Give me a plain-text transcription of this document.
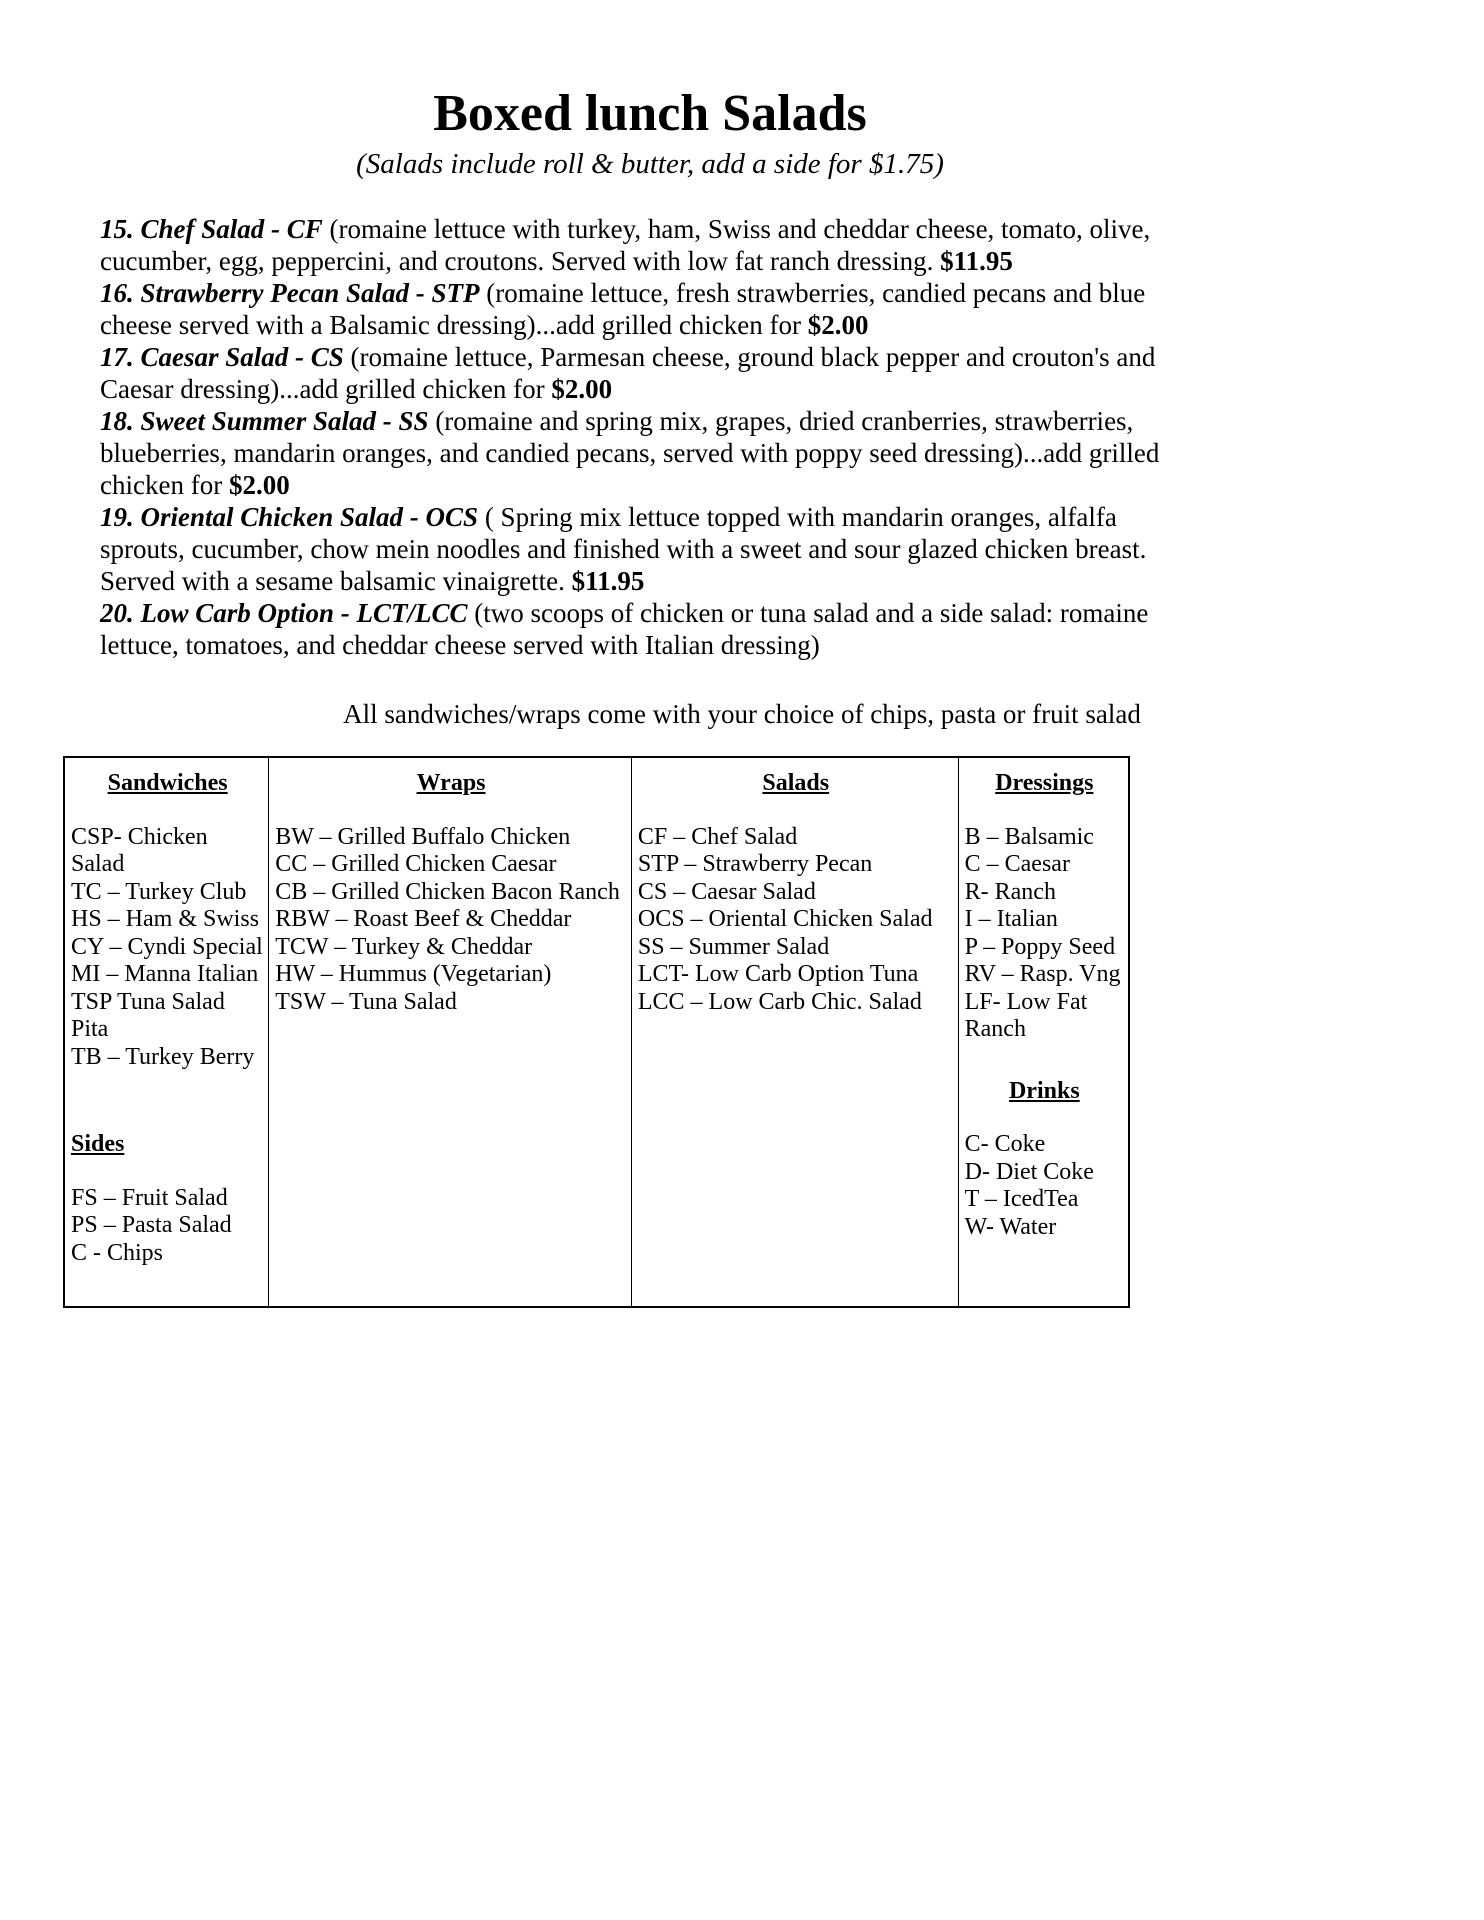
Boxed lunch Salads
(Salads include roll & butter, add a side for $1.75)

15. Chef Salad - CF (romaine lettuce with turkey, ham, Swiss and cheddar cheese, tomato, olive, cucumber, egg, peppercini, and croutons. Served with low fat ranch dressing. $11.95

16. Strawberry Pecan Salad - STP (romaine lettuce, fresh strawberries, candied pecans and blue cheese served with a Balsamic dressing)...add grilled chicken for $2.00

17. Caesar Salad - CS (romaine lettuce, Parmesan cheese, ground black pepper and crouton's and Caesar dressing)...add grilled chicken for $2.00

18. Sweet Summer Salad - SS (romaine and spring mix, grapes, dried cranberries, strawberries, blueberries, mandarin oranges, and candied pecans, served with poppy seed dressing)...add grilled chicken for $2.00

19. Oriental Chicken Salad - OCS ( Spring mix lettuce topped with mandarin oranges, alfalfa sprouts, cucumber, chow mein noodles and finished with a sweet and sour glazed chicken breast. Served with a sesame balsamic vinaigrette. $11.95

20. Low Carb Option - LCT/LCC (two scoops of chicken or tuna salad and a side salad: romaine lettuce, tomatoes, and cheddar cheese served with Italian dressing)

All sandwiches/wraps come with your choice of chips, pasta or fruit salad
Sandwiches
CSP- Chicken Salad
TC – Turkey Club
HS – Ham & Swiss
CY – Cyndi Special
MI – Manna Italian
TSP Tuna Salad Pita
TB – Turkey Berry
Sides
FS – Fruit Salad
PS – Pasta Salad
C - Chips
Wraps
BW – Grilled Buffalo Chicken
CC – Grilled Chicken Caesar
CB – Grilled Chicken Bacon Ranch
RBW – Roast Beef & Cheddar
TCW – Turkey & Cheddar
HW – Hummus (Vegetarian)
TSW – Tuna Salad
Salads
CF – Chef Salad
STP – Strawberry Pecan
CS – Caesar Salad
OCS – Oriental Chicken Salad
SS – Summer Salad
LCT- Low Carb Option Tuna
LCC – Low Carb Chic. Salad
Dressings
B – Balsamic
C – Caesar
R- Ranch
I – Italian
P – Poppy Seed
RV – Rasp. Vng
LF- Low Fat Ranch
Drinks
C- Coke
D- Diet Coke
T – IcedTea
W- Water
